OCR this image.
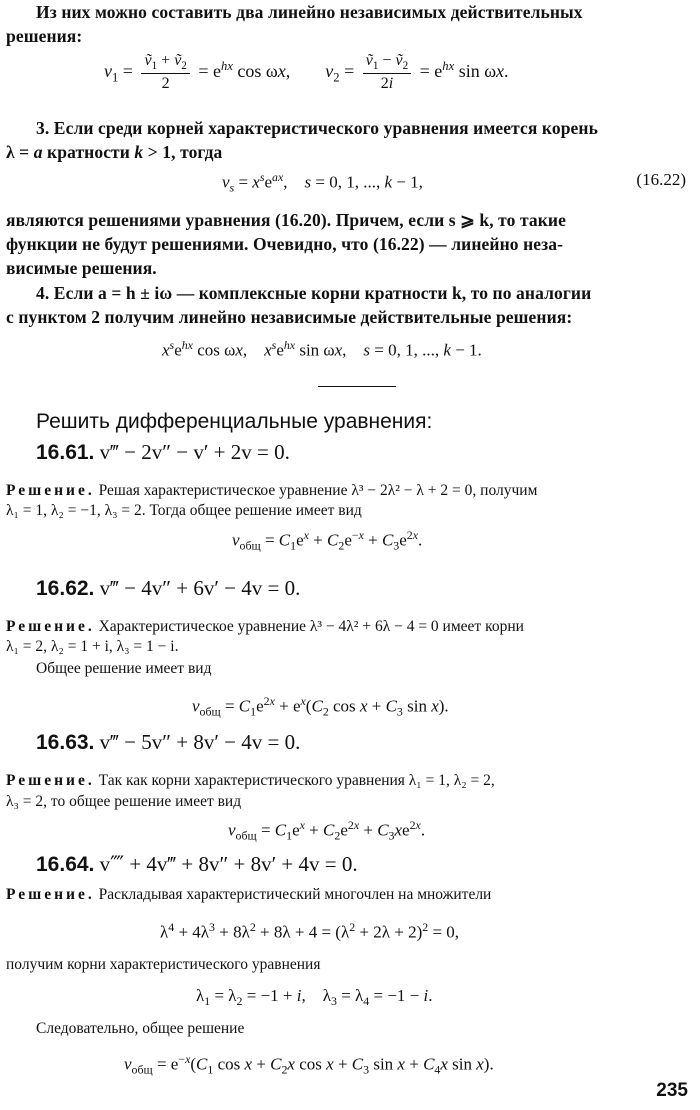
Из них можно составить два линейно независимых действительных

решения:

$v_1 = \frac{ṽ_1 + ṽ_2}{2} = e^{hx}$ cos ωx, $v_2 = \frac{ṽ_1 - ṽ_2}{2i} = e^{hx}$ sin ωx.

3. Если среди корней характеристического уравнения имеется корень

λ = a кратности k > 1, тогда

$v_s = x^se^{ax}$,    s = 0, 1, ..., k − 1,	(16.22)

являются решениями уравнения (16.20). Причем, если s ⩾ k, то такие

функции не будут решениями. Очевидно, что (16.22) — линейно неза-

висимые решения.

4. Если a = h ± iω — комплексные корни кратности k, то по аналогии

с пунктом 2 получим линейно независимые действительные решения:

$x^se^{hx}$ cos ωx,    $x^se^{hx}$ sin ωx,    s = 0, 1, ..., k − 1.
Решить дифференциальные уравнения:
16.61. v‴ − 2v″ − v′ + 2v = 0.

Решение. Решая характеристическое уравнение λ³ − 2λ² − λ + 2 = 0, получим

λ₁ = 1, λ₂ = −1, λ₃ = 2. Тогда общее решение имеет вид

$v_{общ} = C_1e^x + C_2e^{-x} + C_3e^{2x}$.
16.62. v‴ − 4v″ + 6v′ − 4v = 0.

Решение. Характеристическое уравнение λ³ − 4λ² + 6λ − 4 = 0 имеет корни

λ₁ = 2, λ₂ = 1 + i, λ₃ = 1 − i.

Общее решение имеет вид

$v_{общ} = C_1e^{2x} + e^x(C_2$ $\cos x + C_3$ sin x).
16.63. v‴ − 5v″ + 8v′ − 4v = 0.

Решение. Так как корни характеристического уравнения λ₁ = 1, λ₂ = 2,

λ₃ = 2, то общее решение имеет вид

$v_{общ} = C_1e^x + C_2e^{2x} + C_3xe^{2x}$.
16.64. v⁗ + 4v‴ + 8v″ + 8v′ + 4v = 0.

Решение. Раскладывая характеристический многочлен на множители

$\lambda^4 + 4\lambda^3 + 8\lambda^2 + 8\lambda + 4 = (\lambda^2 + 2\lambda + 2)^2 = 0$,

получим корни характеристического уравнения

$\lambda_1 = \lambda_2 = -1 + i$,    $\lambda_3 = \lambda_4 = -1 - i$.

Следовательно, общее решение

$v_{общ} = e^{-x}(C_1$ $\cos x + C_2x$ $\cos x + C_3$ $\sin x + C_4x$ sin x).
235
